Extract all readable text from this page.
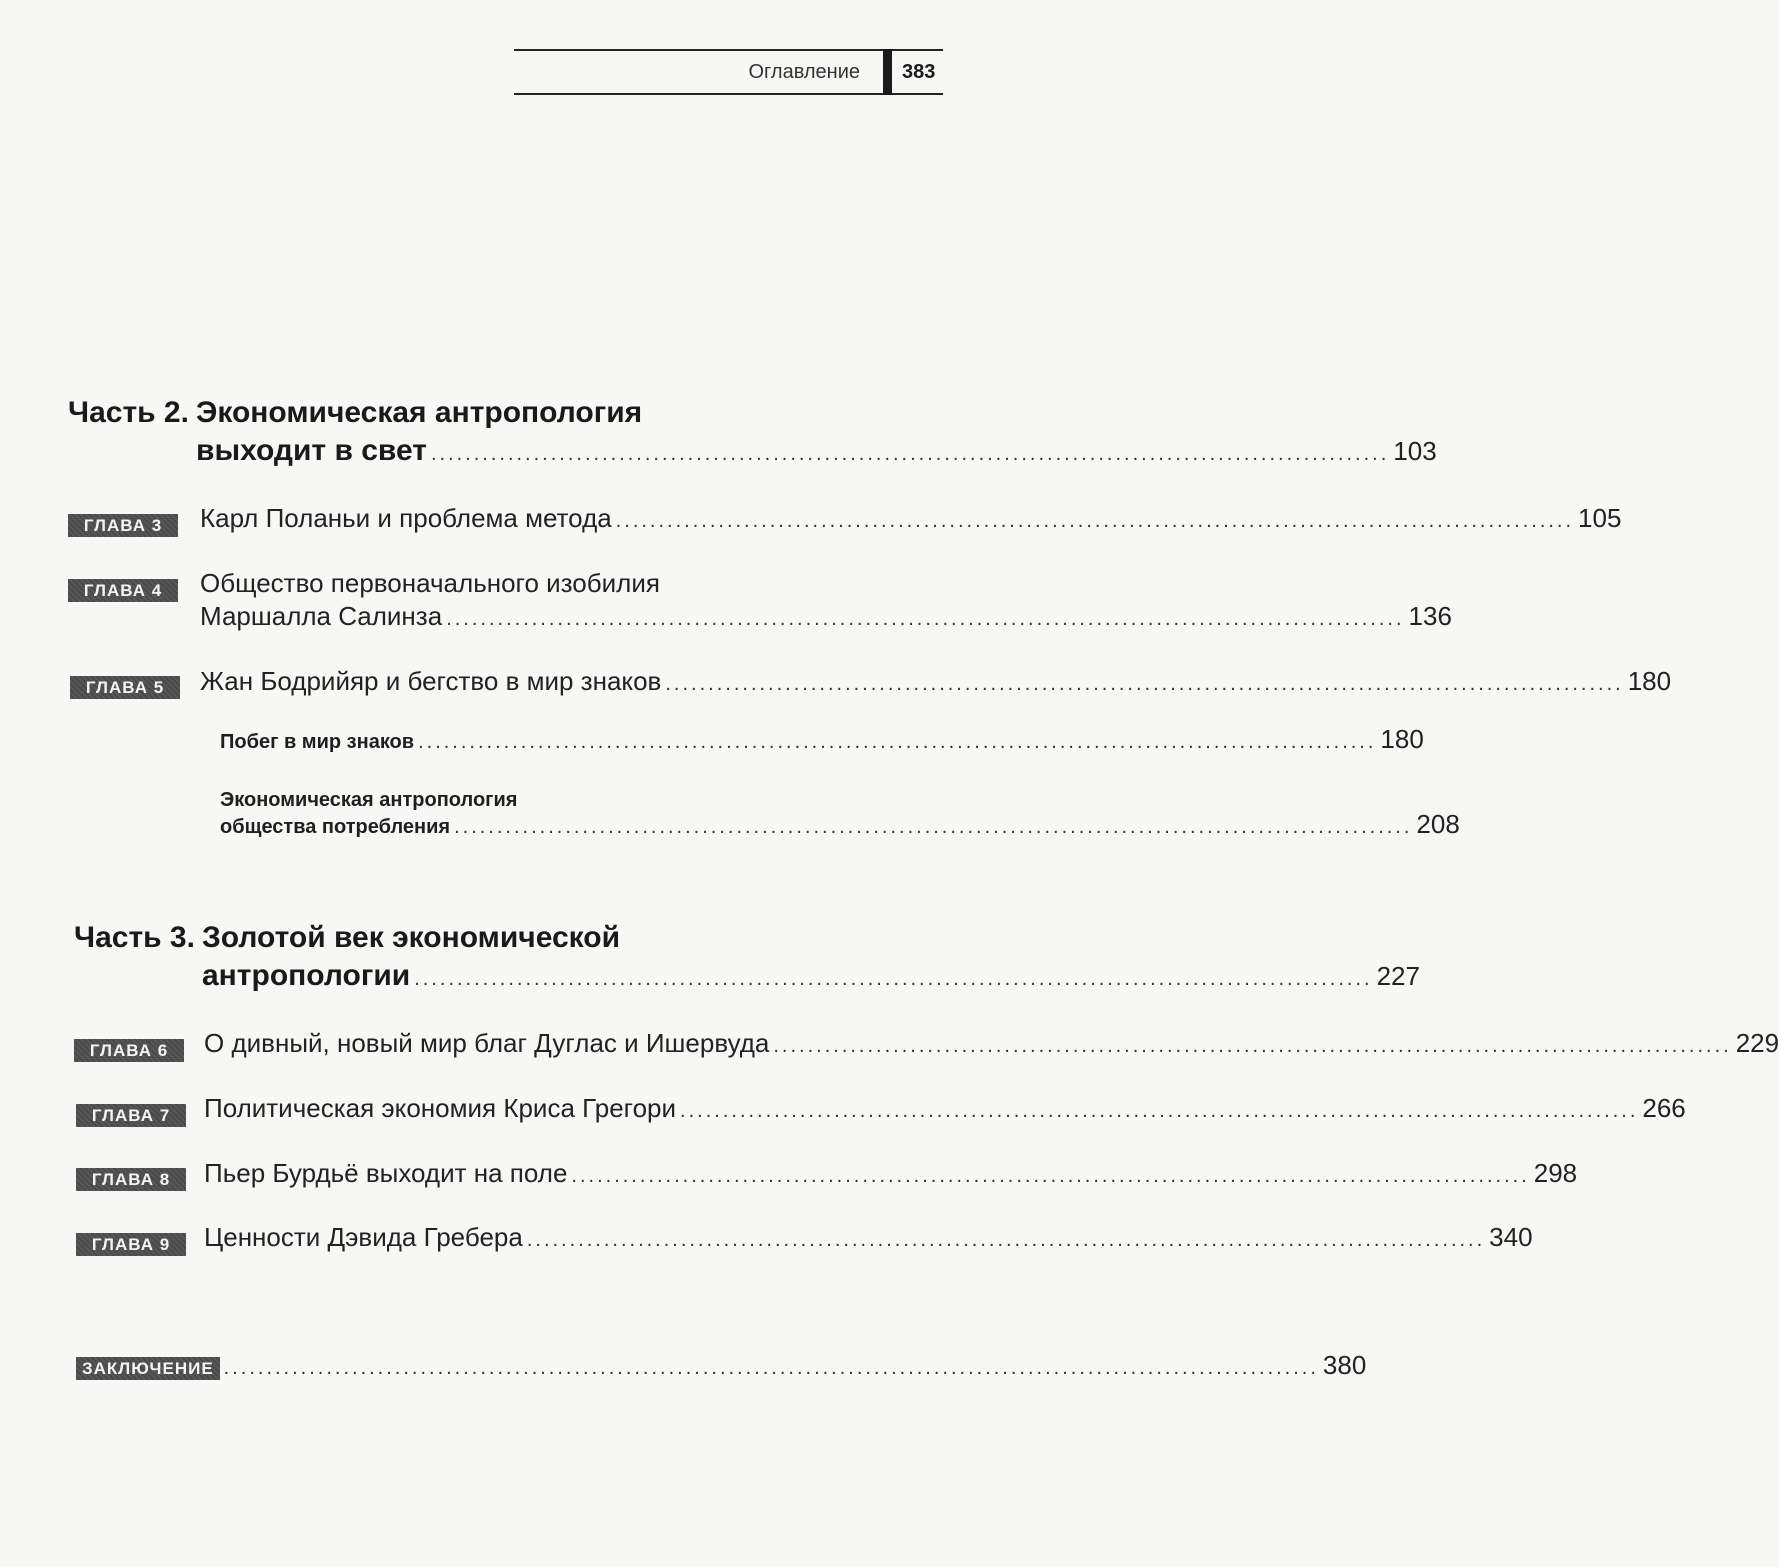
Оглавление 383
Часть 2. Экономическая антропология
выходит в свет ................................................................................................................ 103
ГЛАВА 3	Карл Поланьи и проблема метода ................................................................................................................ 105
ГЛАВА 4	Общество первоначального изобилия
Маршалла Салинза ................................................................................................................ 136
ГЛАВА 5	Жан Бодрийяр и бегство в мир знаков ................................................................................................................ 180
Побег в мир знаков ................................................................................................................ 180
Экономическая антропология
общества потребления ................................................................................................................ 208
Часть 3. Золотой век экономической
антропологии ................................................................................................................ 227
ГЛАВА 6	О дивный, новый мир благ Дуглас и Ишервуда ................................................................................................................ 229
ГЛАВА 7	Политическая экономия Криса Грегори ................................................................................................................ 266
ГЛАВА 8	Пьер Бурдьё выходит на поле ................................................................................................................ 298
ГЛАВА 9	Ценности Дэвида Гребера ................................................................................................................ 340
ЗАКЛЮЧЕНИЕ ................................................................................................................................ 380
